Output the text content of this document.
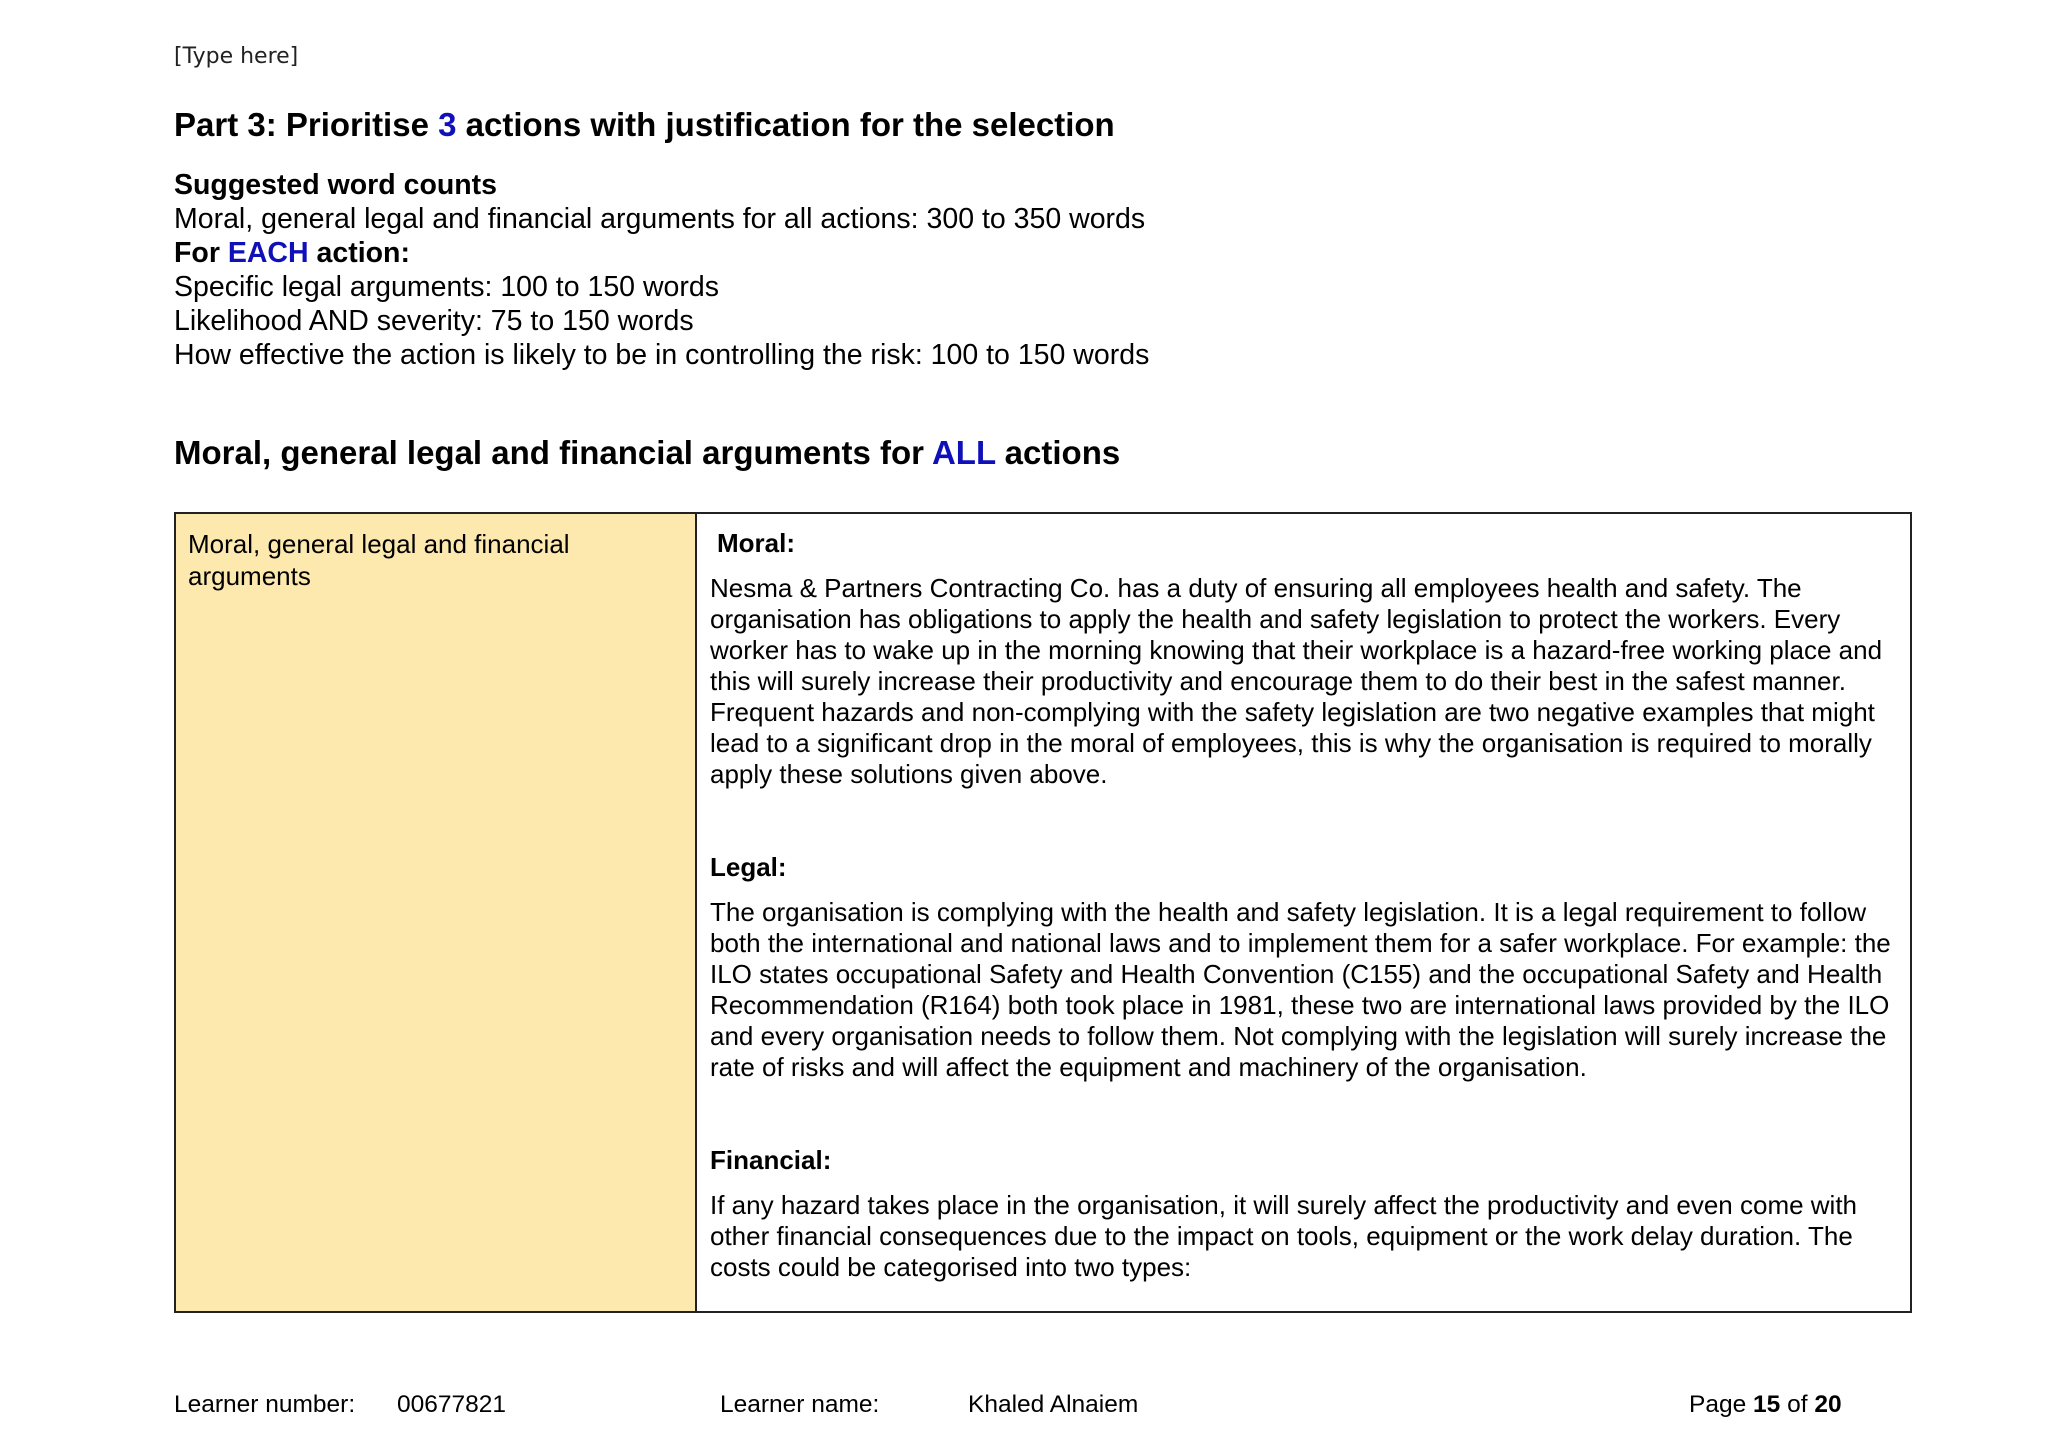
[Type here]
Part 3: Prioritise 3 actions with justification for the selection
Suggested word counts
Moral, general legal and financial arguments for all actions: 300 to 350 words
For EACH action:
Specific legal arguments: 100 to 150 words
Likelihood AND severity: 75 to 150 words
How effective the action is likely to be in controlling the risk: 100 to 150 words
Moral, general legal and financial arguments for ALL actions
Moral, general legal and financial arguments

Moral:

Nesma & Partners Contracting Co. has a duty of ensuring all employees health and safety. The organisation has obligations to apply the health and safety legislation to protect the workers. Every worker has to wake up in the morning knowing that their workplace is a hazard-free working place and this will surely increase their productivity and encourage them to do their best in the safest manner. Frequent hazards and non-complying with the safety legislation are two negative examples that might lead to a significant drop in the moral of employees, this is why the organisation is required to morally apply these solutions given above.

Legal:

The organisation is complying with the health and safety legislation. It is a legal requirement to follow both the international and national laws and to implement them for a safer workplace. For example: the ILO states occupational Safety and Health Convention (C155) and the occupational Safety and Health Recommendation (R164) both took place in 1981, these two are international laws provided by the ILO and every organisation needs to follow them. Not complying with the legislation will surely increase the rate of risks and will affect the equipment and machinery of the organisation.

Financial:

If any hazard takes place in the organisation, it will surely affect the productivity and even come with other financial consequences due to the impact on tools, equipment or the work delay duration. The costs could be categorised into two types:

Learner number: 00677821	Learner name:	Khaled Alnaiem	Page 15 of 20
